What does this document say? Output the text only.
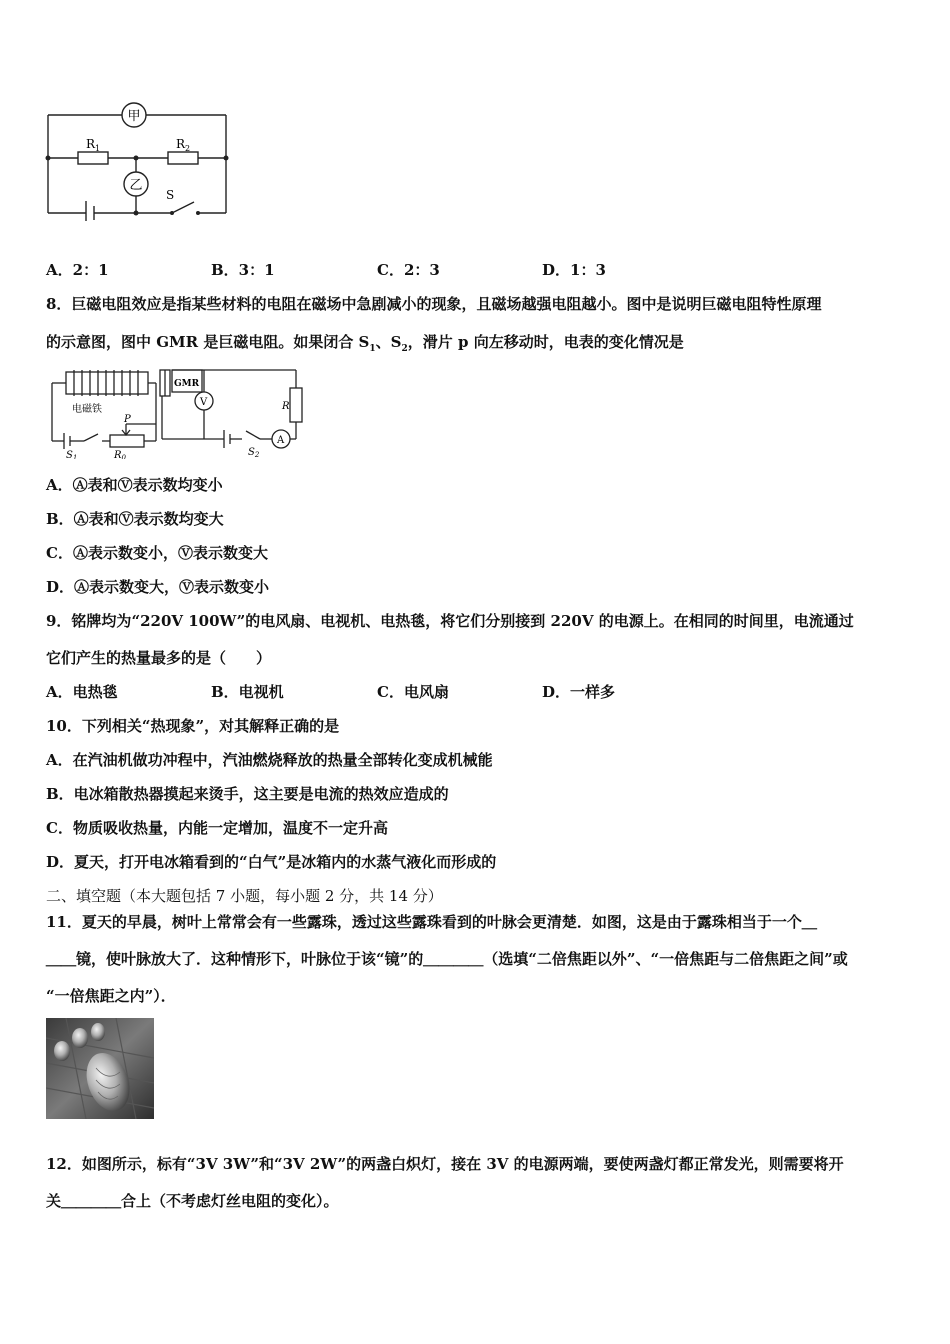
甲
乙
$R_1$	$R_2$
S
A．2：1	B．3：1	C．2：3	D．1：3
8．巨磁电阻效应是指某些材料的电阻在磁场中急剧减小的现象，且磁场越强电阻越小。图中是说明巨磁电阻特性原理
的示意图，图中 GMR 是巨磁电阻。如果闭合 $S_1$、$S_2$，滑片 p 向左移动时，电表的变化情况是
电磁铁
GMR
V
A
R
P
$R_0$
$S_1$	$S_2$
A．Ⓐ表和Ⓥ表示数均变小
B．Ⓐ表和Ⓥ表示数均变大
C．Ⓐ表示数变小，Ⓥ表示数变大
D．Ⓐ表示数变大，Ⓥ表示数变小
9．铭牌均为“220V 100W”的电风扇、电视机、电热毯，将它们分别接到 220V 的电源上。在相同的时间里，电流通过
它们产生的热量最多的是（　　）
A．电热毯	B．电视机	C．电风扇	D．一样多
10．下列相关“热现象”，对其解释正确的是
A．在汽油机做功冲程中，汽油燃烧释放的热量全部转化变成机械能
B．电冰箱散热器摸起来烫手，这主要是电流的热效应造成的
C．物质吸收热量，内能一定增加，温度不一定升高
D．夏天，打开电冰箱看到的“白气”是冰箱内的水蒸气液化而形成的
二、填空题（本大题包括 7 小题，每小题 2 分，共 14 分）
11．夏天的早晨，树叶上常常会有一些露珠，透过这些露珠看到的叶脉会更清楚．如图，这是由于露珠相当于一个＿
＿＿镜，使叶脉放大了．这种情形下，叶脉位于该“镜”的＿＿＿＿（选填“二倍焦距以外”、“一倍焦距与二倍焦距之间”或
“一倍焦距之内”）．
12．如图所示，标有“3V 3W”和“3V 2W”的两盏白炽灯，接在 3V 的电源两端，要使两盏灯都正常发光，则需要将开
关＿＿＿＿合上（不考虑灯丝电阻的变化）。
